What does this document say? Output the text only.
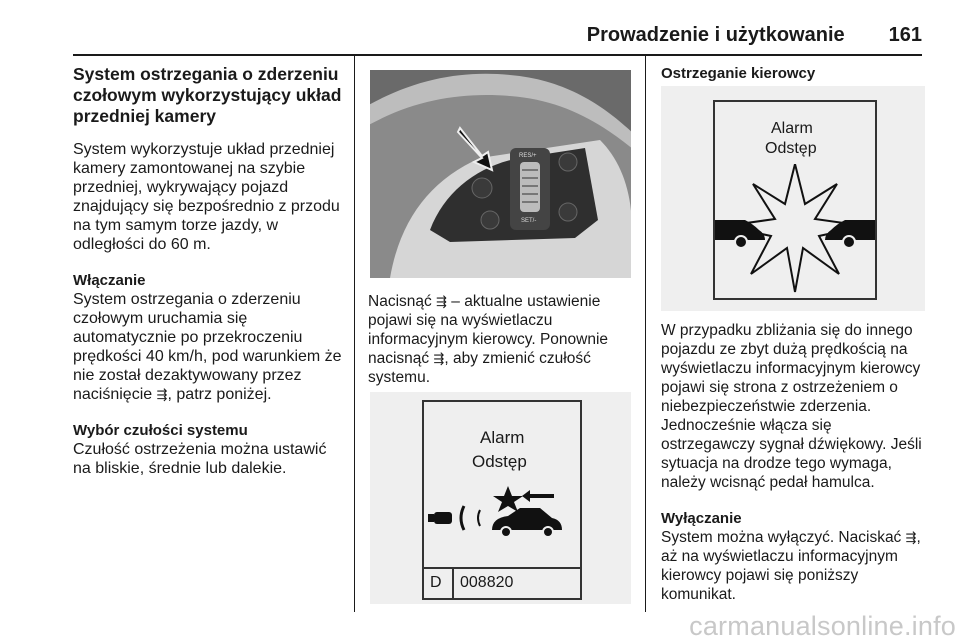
Prowadzenie i użytkowanie 161
System ostrzegania o zderzeniu czołowym wykorzystujący układ przedniej kamery

System wykorzystuje układ przedniej kamery zamontowanej na szybie przedniej, wykrywający pojazd znajdujący się bezpośrednio z przodu na tym samym torze jazdy, w odległości do 60 m.

Włączanie

System ostrzegania o zderzeniu czołowym uruchamia się automatycznie po przekroczeniu prędkości 40 km/h, pod warunkiem że nie został dezaktywowany przez naciśnięcie ⇶, patrz poniżej.

Wybór czułości systemu

Czułość ostrzeżenia można ustawić na bliskie, średnie lub dalekie.

RES/+
SET/-

Nacisnąć ⇶ – aktualne ustawienie pojawi się na wyświetlaczu informacyjnym kierowcy. Ponownie nacisnąć ⇶, aby zmienić czułość systemu.

Alarm
Odstęp
D 008820
Ostrzeganie kierowcy
Alarm
Odstęp

W przypadku zbliżania się do innego pojazdu ze zbyt dużą prędkością na wyświetlaczu informacyjnym kierowcy pojawi się strona z ostrzeżeniem o niebezpieczeństwie zderzenia. Jednocześnie włącza się ostrzegawczy sygnał dźwiękowy. Jeśli sytuacja na drodze tego wymaga, należy wcisnąć pedał hamulca.

Wyłączanie

System można wyłączyć. Naciskać ⇶, aż na wyświetlaczu informacyjnym kierowcy pojawi się poniższy komunikat.

carmanualsonline.info
